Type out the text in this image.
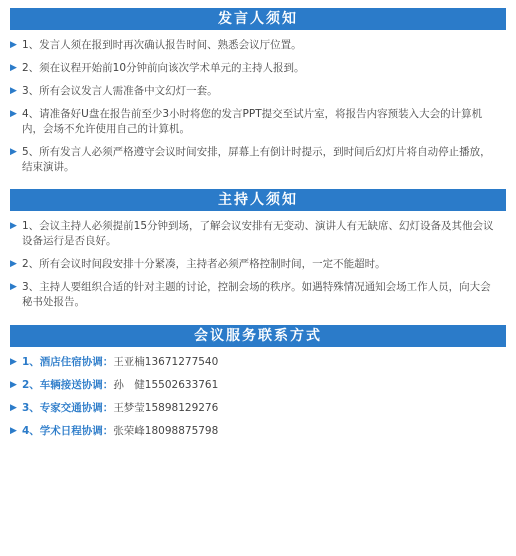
发言人须知
▶ 1、发言人须在报到时再次确认报告时间、熟悉会议厅位置。
▶ 2、须在议程开始前10分钟前向该次学术单元的主持人报到。
▶ 3、所有会议发言人需准备中文幻灯一套。
▶ 4、请准备好U盘在报告前至少3小时将您的发言PPT提交至试片室，将报告内容预装入大会的计算机内，会场不允许使用自己的计算机。
▶ 5、所有发言人必须严格遵守会议时间安排，屏幕上有倒计时提示，到时间后幻灯片将自动停止播放，结束演讲。
主持人须知
▶ 1、会议主持人必须提前15分钟到场，了解会议安排有无变动、演讲人有无缺席、幻灯设备及其他会议设备运行是否良好。
▶ 2、所有会议时间段安排十分紧凑，主持者必须严格控制时间，一定不能超时。
▶ 3、主持人要组织合适的针对主题的讨论，控制会场的秩序。如遇特殊情况通知会场工作人员，向大会秘书处报告。
会议服务联系方式
▶ 1、酒店住宿协调：王亚楠13671277540
▶ 2、车辆接送协调：孙　健15502633761
▶ 3、专家交通协调：王梦莹15898129276
▶ 4、学术日程协调：张荣峰18098875798
